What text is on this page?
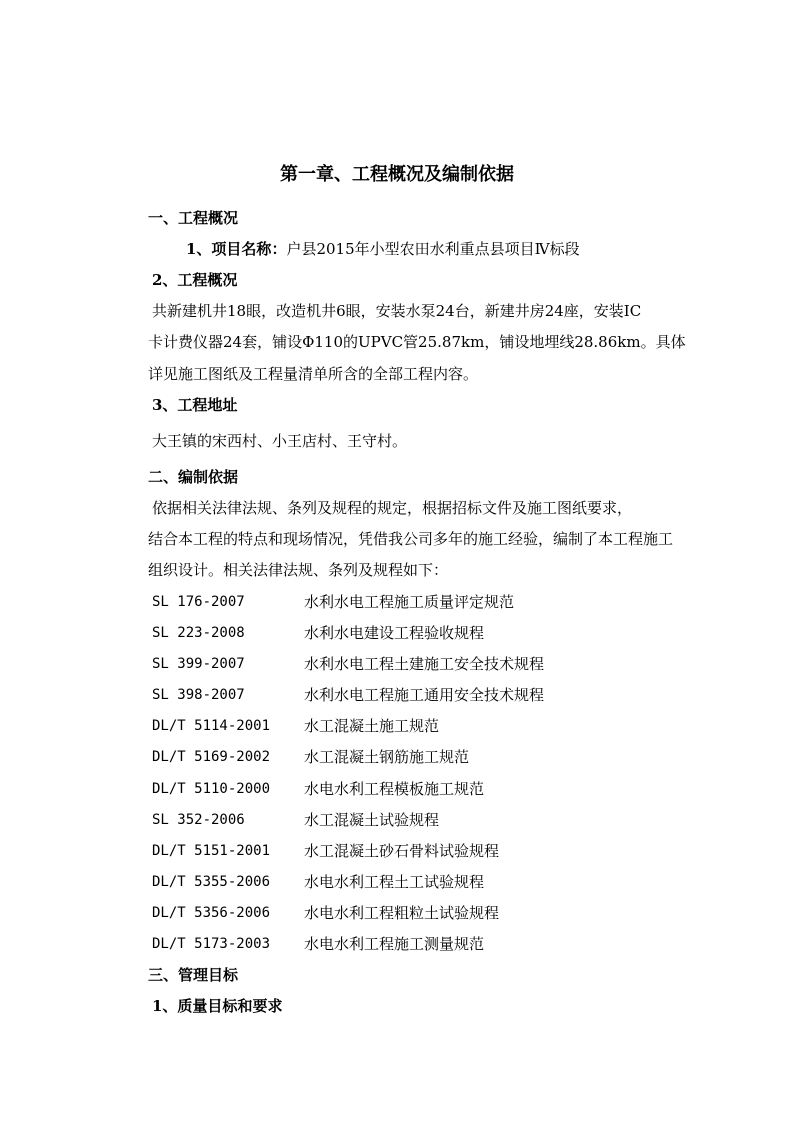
第一章、工程概况及编制依据
一、工程概况
1、项目名称：户县2015年小型农田水利重点县项目Ⅳ标段
2、工程概况
共新建机井18眼，改造机井6眼，安装水泵24台，新建井房24座，安装IC
卡计费仪器24套，铺设Φ110的UPVC管25.87km，铺设地埋线28.86km。具体
详见施工图纸及工程量清单所含的全部工程内容。
3、工程地址
大王镇的宋西村、小王店村、王守村。
二、编制依据
依据相关法律法规、条列及规程的规定，根据招标文件及施工图纸要求，
结合本工程的特点和现场情况，凭借我公司多年的施工经验，编制了本工程施工
组织设计。相关法律法规、条列及规程如下：
SL 176-2007	水利水电工程施工质量评定规范
SL 223-2008	水利水电建设工程验收规程
SL 399-2007	水利水电工程土建施工安全技术规程
SL 398-2007	水利水电工程施工通用安全技术规程
DL/T 5114-2001 水工混凝土施工规范
DL/T 5169-2002 水工混凝土钢筋施工规范
DL/T 5110-2000 水电水利工程模板施工规范
SL 352-2006	水工混凝土试验规程
DL/T 5151-2001 水工混凝土砂石骨料试验规程
DL/T 5355-2006 水电水利工程土工试验规程
DL/T 5356-2006 水电水利工程粗粒土试验规程
DL/T 5173-2003 水电水利工程施工测量规范
三、管理目标
1、质量目标和要求
